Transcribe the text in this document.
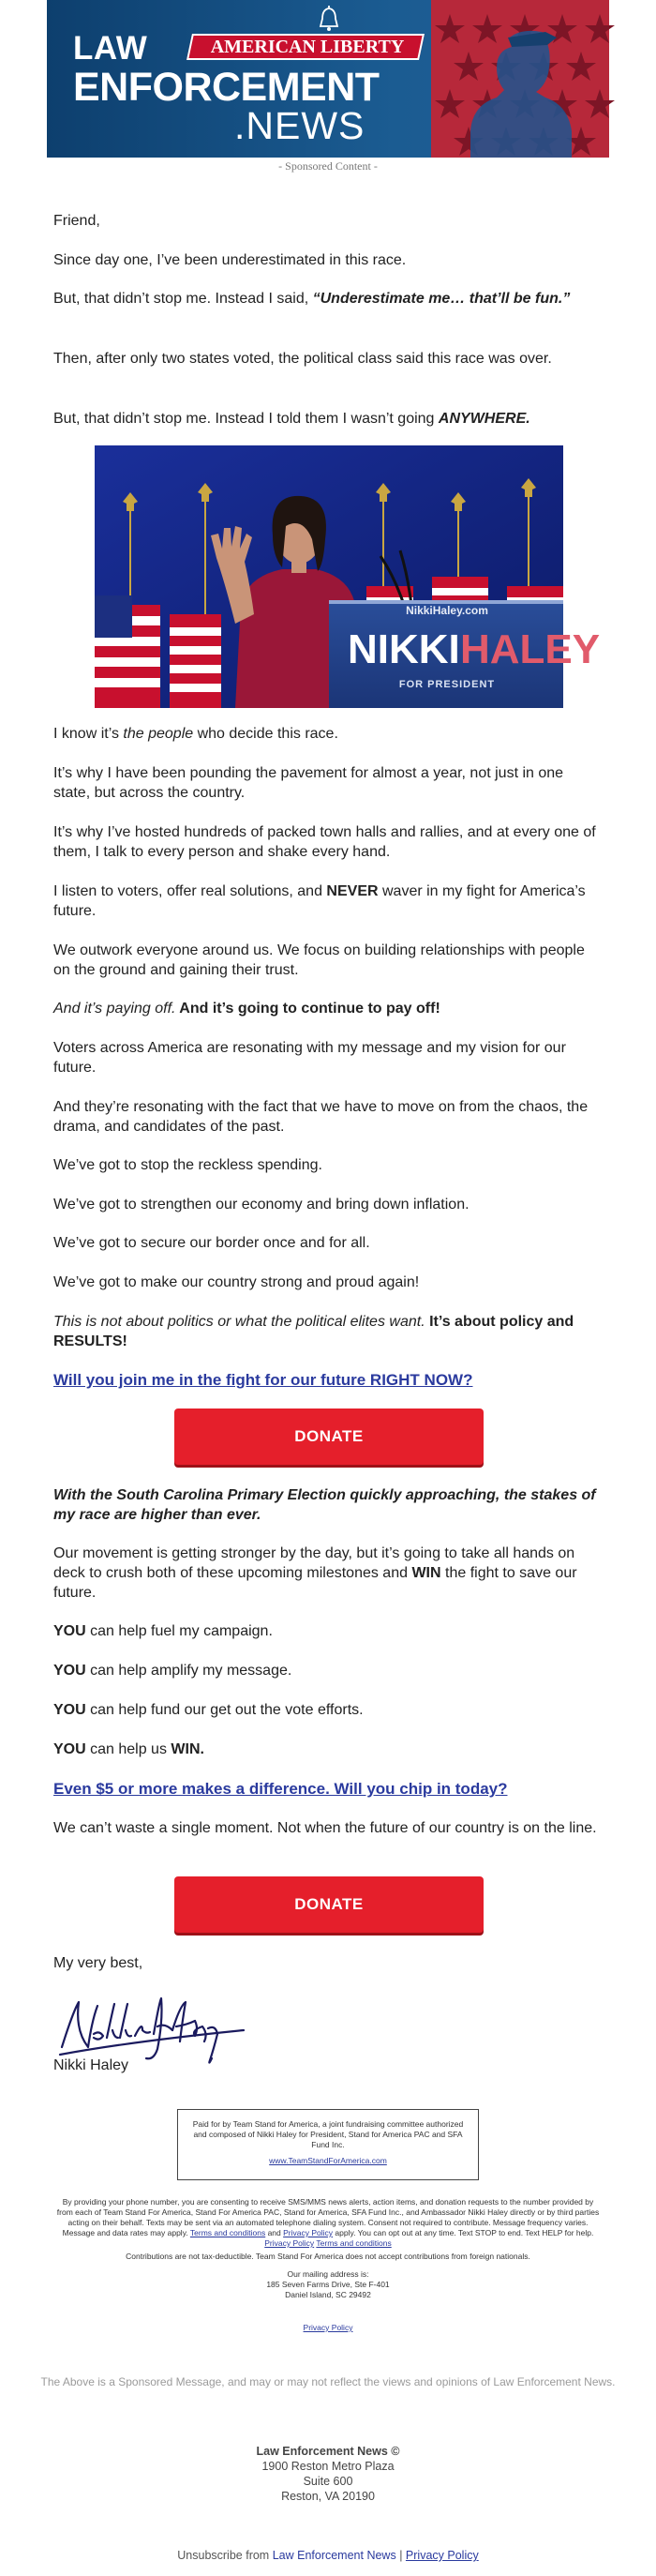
AMERICAN LIBERTY
LAW
ENFORCEMENT
.NEWS
- Sponsored Content -

Friend,

Since day one, I’ve been underestimated in this race.

But, that didn’t stop me. Instead I said, “Underestimate me… that’ll be fun.”

Then, after only two states voted, the political class said this race was over.

But, that didn’t stop me. Instead I told them I wasn’t going ANYWHERE.

NikkiHaley.com
NIKKI HALEY
FOR PRESIDENT

I know it’s the people who decide this race.

It’s why I have been pounding the pavement for almost a year, not just in one state, but across the country.

It’s why I’ve hosted hundreds of packed town halls and rallies, and at every one of them, I talk to every person and shake every hand.

I listen to voters, offer real solutions, and NEVER waver in my fight for America’s future.

We outwork everyone around us. We focus on building relationships with people on the ground and gaining their trust.

And it’s paying off. And it’s going to continue to pay off!

Voters across America are resonating with my message and my vision for our future.

And they’re resonating with the fact that we have to move on from the chaos, the drama, and candidates of the past.

We’ve got to stop the reckless spending.

We’ve got to strengthen our economy and bring down inflation.

We’ve got to secure our border once and for all.

We’ve got to make our country strong and proud again!

This is not about politics or what the political elites want. It’s about policy and RESULTS!

Will you join me in the fight for our future RIGHT NOW?

DONATE

With the South Carolina Primary Election quickly approaching, the stakes of my race are higher than ever.

Our movement is getting stronger by the day, but it’s going to take all hands on deck to crush both of these upcoming milestones and WIN the fight to save our future.

YOU can help fuel my campaign.

YOU can help amplify my message.

YOU can help fund our get out the vote efforts.

YOU can help us WIN.

Even $5 or more makes a difference. Will you chip in today?

We can’t waste a single moment. Not when the future of our country is on the line.

DONATE

My very best,

Nikki Haley

Paid for by Team Stand for America, a joint fundraising committee authorized and composed of Nikki Haley for President, Stand for America PAC and SFA Fund Inc.
www.TeamStandForAmerica.com

By providing your phone number, you are consenting to receive SMS/MMS news alerts, action items, and donation requests to the number provided by from each of Team Stand For America, Stand For America PAC, Stand for America, SFA Fund Inc., and Ambassador Nikki Haley directly or by third parties acting on their behalf. Texts may be sent via an automated telephone dialing system. Consent not required to contribute. Message frequency varies. Message and data rates may apply. Terms and conditions and Privacy Policy apply. You can opt out at any time. Text STOP to end. Text HELP for help. Privacy Policy Terms and conditions

Contributions are not tax-deductible. Team Stand For America does not accept contributions from foreign nationals.

Our mailing address is:

185 Seven Farms Drive, Ste F-401

Daniel Island, SC 29492

Privacy Policy

The Above is a Sponsored Message, and may or may not reflect the views and opinions of Law Enforcement News.
Law Enforcement News ©
1900 Reston Metro Plaza
Suite 600
Reston, VA 20190
Unsubscribe from Law Enforcement News | Privacy Policy
